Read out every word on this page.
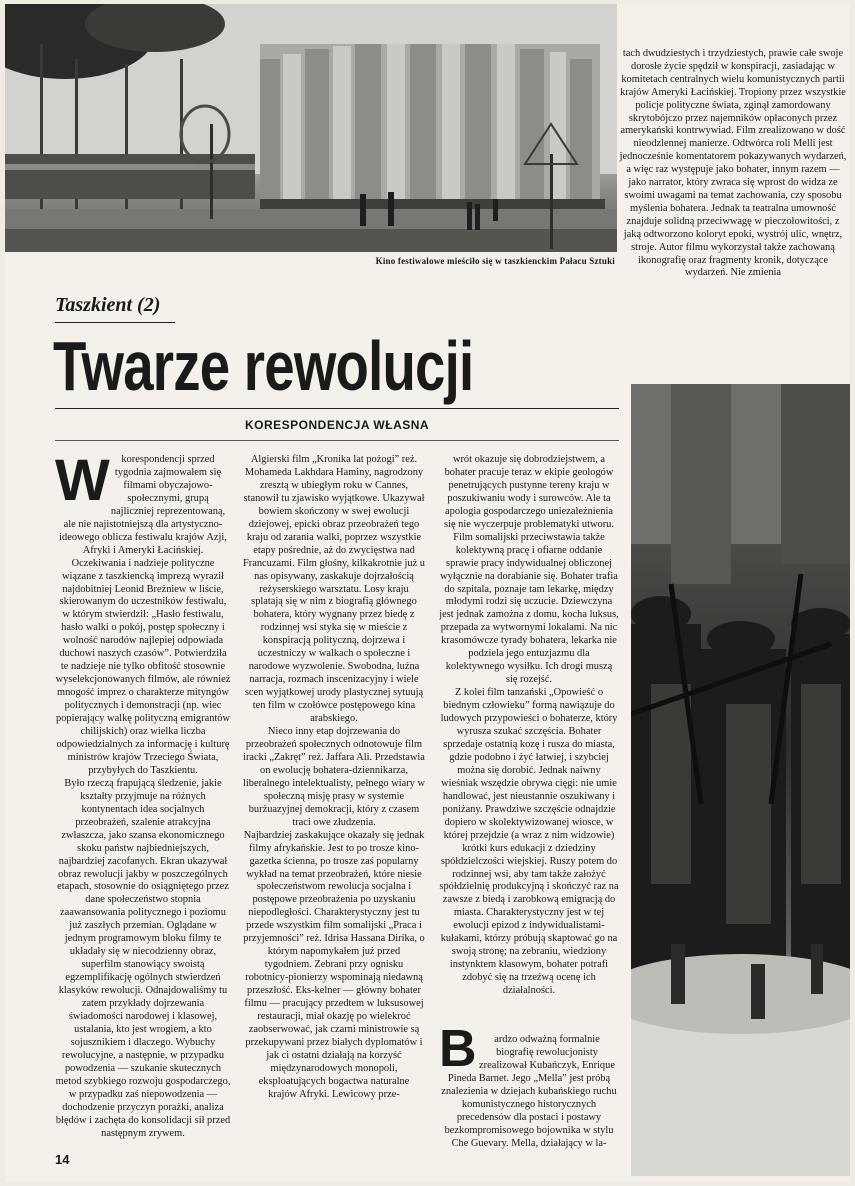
Kino festiwalowe mieściło się w taszkienckim Pałacu Sztuki
tach dwudziestych i trzydziestych, prawie całe swoje dorosłe życie spędził w konspiracji, zasiadając w komitetach centralnych wielu komunistycznych partii krajów Ameryki Łacińskiej. Tropiony przez wszystkie policje polityczne świata, zginął zamordowany skrytobójczo przez najemników opłaconych przez amerykański kontrwywiad. Film zrealizowano w dość nieodzlennej manierze. Odtwórca roli Melli jest jednocześnie komentatorem pokazywanych wydarzeń, a więc raz występuje jako bohater, innym razem — jako narrator, który zwraca się wprost do widza ze swoimi uwagami na temat zachowania, czy sposobu myślenia bohatera. Jednak ta teatralna umowność znajduje solidną przeciwwagę w pieczołowitości, z jaką odtworzono koloryt epoki, wystrój ulic, wnętrz, stroje. Autor filmu wykorzystał także zachowaną ikonografię oraz fragmenty kronik, dotyczące wydarzeń. Nie zmienia
Taszkient (2)
Twarze rewolucji
KORESPONDENCJA WŁASNA
W	korespondencji sprzed tygodnia zajmowałem się filmami obyczajowo-społecznymi, grupą najliczniej reprezentowaną, ale nie najistotniejszą dla artystyczno-ideowego oblicza festiwalu krajów Azji, Afryki i Ameryki Łacińskiej. Oczekiwania i nadzieje polityczne wiązane z taszkiencką imprezą wyraził najdobitniej Leonid Breżniew w liście, skierowanym do uczestników festiwalu, w którym stwierdził: „Hasło festiwalu, hasło walki o pokój, postęp społeczny i wolność narodów najlepiej odpowiada duchowi naszych czasów”. Potwierdziła te nadzieje nie tylko obfitość stosownie wyselekcjonowanych filmów, ale również mnogość imprez o charakterze mityngów politycznych i demonstracji (np. wiec popierający walkę polityczną emigrantów chilijskich) oraz wielka liczba odpowiedzialnych za informację i kulturę ministrów krajów Trzeciego Świata, przybyłych do Taszkientu.

Było rzeczą frapującą śledzenie, jakie kształty przyjmuje na różnych kontynentach idea socjalnych przeobrażeń, szalenie atrakcyjna zwłaszcza, jako szansa ekonomicznego skoku państw najbiedniejszych, najbardziej zacofanych. Ekran ukazywał obraz rewolucji jakby w poszczególnych etapach, stosownie do osiągniętego przez dane społeczeństwo stopnia zaawansowania politycznego i poziomu już zaszłych przemian. Oglądane w jednym programowym bloku filmy te układały się w niecodzienny obraz, superfilm stanowiący swoistą egzemplifikację ogólnych stwierdzeń klasyków rewolucji. Odnajdowaliśmy tu zatem przykłady dojrzewania świadomości narodowej i klasowej, ustalania, kto jest wrogiem, a kto sojusznikiem i dlaczego. Wybuchy rewolucyjne, a następnie, w przypadku powodzenia — szukanie skutecznych metod szybkiego rozwoju gospodarczego, w przypadku zaś niepowodzenia — dochodzenie przyczyn porażki, analiza błędów i zachęta do konsolidacji sił przed następnym zrywem.

Algierski film „Kronika lat pożogi” reż. Mohameda Lakhdara Haminy, nagrodzony zresztą w ubiegłym roku w Cannes, stanowił tu zjawisko wyjątkowe. Ukazywał bowiem skończony w swej ewolucji dziejowej, epicki obraz przeobrażeń tego kraju od zarania walki, poprzez wszystkie etapy pośrednie, aż do zwycięstwa nad Francuzami. Film głośny, kilkakrotnie już u nas opisywany, zaskakuje dojrzałością reżyserskiego warsztatu. Losy kraju splatają się w nim z biografią głównego bohatera, który wygnany przez biedę z rodzinnej wsi styka się w mieście z konspiracją polityczną, dojrzewa i uczestniczy w walkach o społeczne i narodowe wyzwolenie. Swobodna, luźna narracja, rozmach inscenizacyjny i wiele scen wyjątkowej urody plastycznej sytuują ten film w czołówce postępowego kina arabskiego.

Nieco inny etap dojrzewania do przeobrażeń społecznych odnotowuje film iracki „Zakręt” reż. Jaffara Ali. Przedstawia on ewolucję bohatera-dziennikarza, liberalnego intelektualisty, pełnego wiary w społeczną misję prasy w systemie burżuazyjnej demokracji, który z czasem traci owe złudzenia.

Najbardziej zaskakujące okazały się jednak filmy afrykańskie. Jest to po trosze kino-gazetka ścienna, po trosze zaś popularny wykład na temat przeobrażeń, które niesie społeczeństwom rewolucja socjalna i postępowe przeobrażenia po uzyskaniu niepodległości. Charakterystyczny jest tu przede wszystkim film somalijski „Praca i przyjemności” reż. Idrisa Hassana Dirika, o którym napomykałem już przed tygodniem. Zebrani przy ognisku robotnicy-pionierzy wspominają niedawną przeszłość. Eks-kelner — główny bohater filmu — pracujący przedtem w luksusowej restauracji, miał okazję po wielekroć zaobserwować, jak czarni ministrowie są przekupywani przez białych dyplomatów i jak ci ostatni działają na korzyść międzynarodowych monopoli, eksploatujących bogactwa naturalne krajów Afryki. Lewicowy prze-

wrót okazuje się dobrodziejstwem, a bohater pracuje teraz w ekipie geologów penetrujących pustynne tereny kraju w poszukiwaniu wody i surowców. Ale ta apologia gospodarczego uniezależnienia się nie wyczerpuje problematyki utworu. Film somalijski przeciwstawia także kolektywną pracę i ofiarne oddanie sprawie pracy indywidualnej obliczonej wyłącznie na dorabianie się. Bohater trafia do szpitala, poznaje tam lekarkę, między młodymi rodzi się uczucie. Dziewczyna jest jednak zamożna z domu, kocha luksus, przepada za wytwornymi lokalami. Na nic krasomówcze tyrady bohatera, lekarka nie podziela jego entuzjazmu dla kolektywnego wysiłku. Ich drogi muszą się rozejść.

Z kolei film tanzański „Opowieść o biednym człowieku” formą nawiązuje do ludowych przypowieści o bohaterze, który wyrusza szukać szczęścia. Bohater sprzedaje ostatnią kozę i rusza do miasta, gdzie podobno i żyć łatwiej, i szybciej można się dorobić. Jednak naiwny wieśniak wszędzie obrywa cięgi: nie umie handlować, jest nieustannie oszukiwany i poniżany. Prawdziwe szczęście odnajdzie dopiero w skolektywizowanej wiosce, w której przejdzie (a wraz z nim widzowie) krótki kurs edukacji z dziedziny spółdzielczości wiejskiej. Ruszy potem do rodzinnej wsi, aby tam także założyć spółdzielnię produkcyjną i skończyć raz na zawsze z biedą i zarobkową emigracją do miasta. Charakterystyczny jest w tej ewolucji epizod z indywidualistami-kułakami, którzy próbują skaptować go na swoją stronę; na zebraniu, wiedziony instynktem klasowym, bohater potrafi zdobyć się na trzeźwą ocenę ich działalności.

B	ardzo odważną formalnie biografię rewolucjonisty zrealizował Kubańczyk, Enrique Pineda Barnet. Jego „Mella” jest próbą znalezienia w dziejach kubańskiego ruchu komunistycznego historycznych precedensów dla postaci i postawy bezkompromisowego bojownika w stylu Che Guevary. Mella, działający w la-

14
